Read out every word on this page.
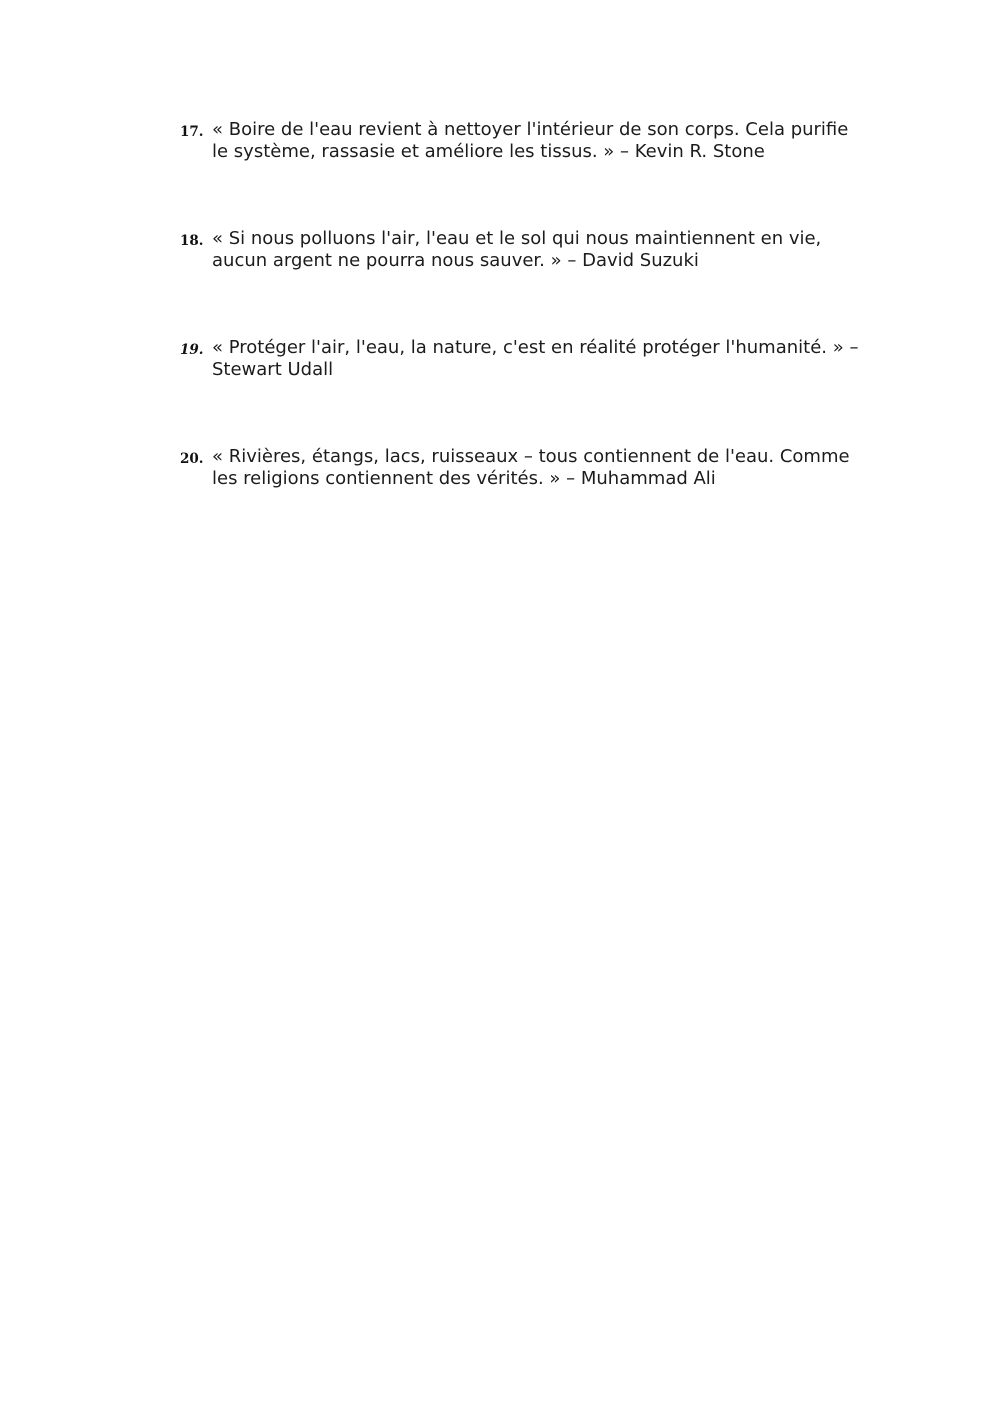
17. « Boire de l'eau revient à nettoyer l'intérieur de son corps. Cela purifie le système, rassasie et améliore les tissus. » – Kevin R. Stone
18. « Si nous polluons l'air, l'eau et le sol qui nous maintiennent en vie, aucun argent ne pourra nous sauver. » – David Suzuki
19. « Protéger l'air, l'eau, la nature, c'est en réalité protéger l'humanité. » – Stewart Udall
20. « Rivières, étangs, lacs, ruisseaux – tous contiennent de l'eau. Comme les religions contiennent des vérités. » – Muhammad Ali
